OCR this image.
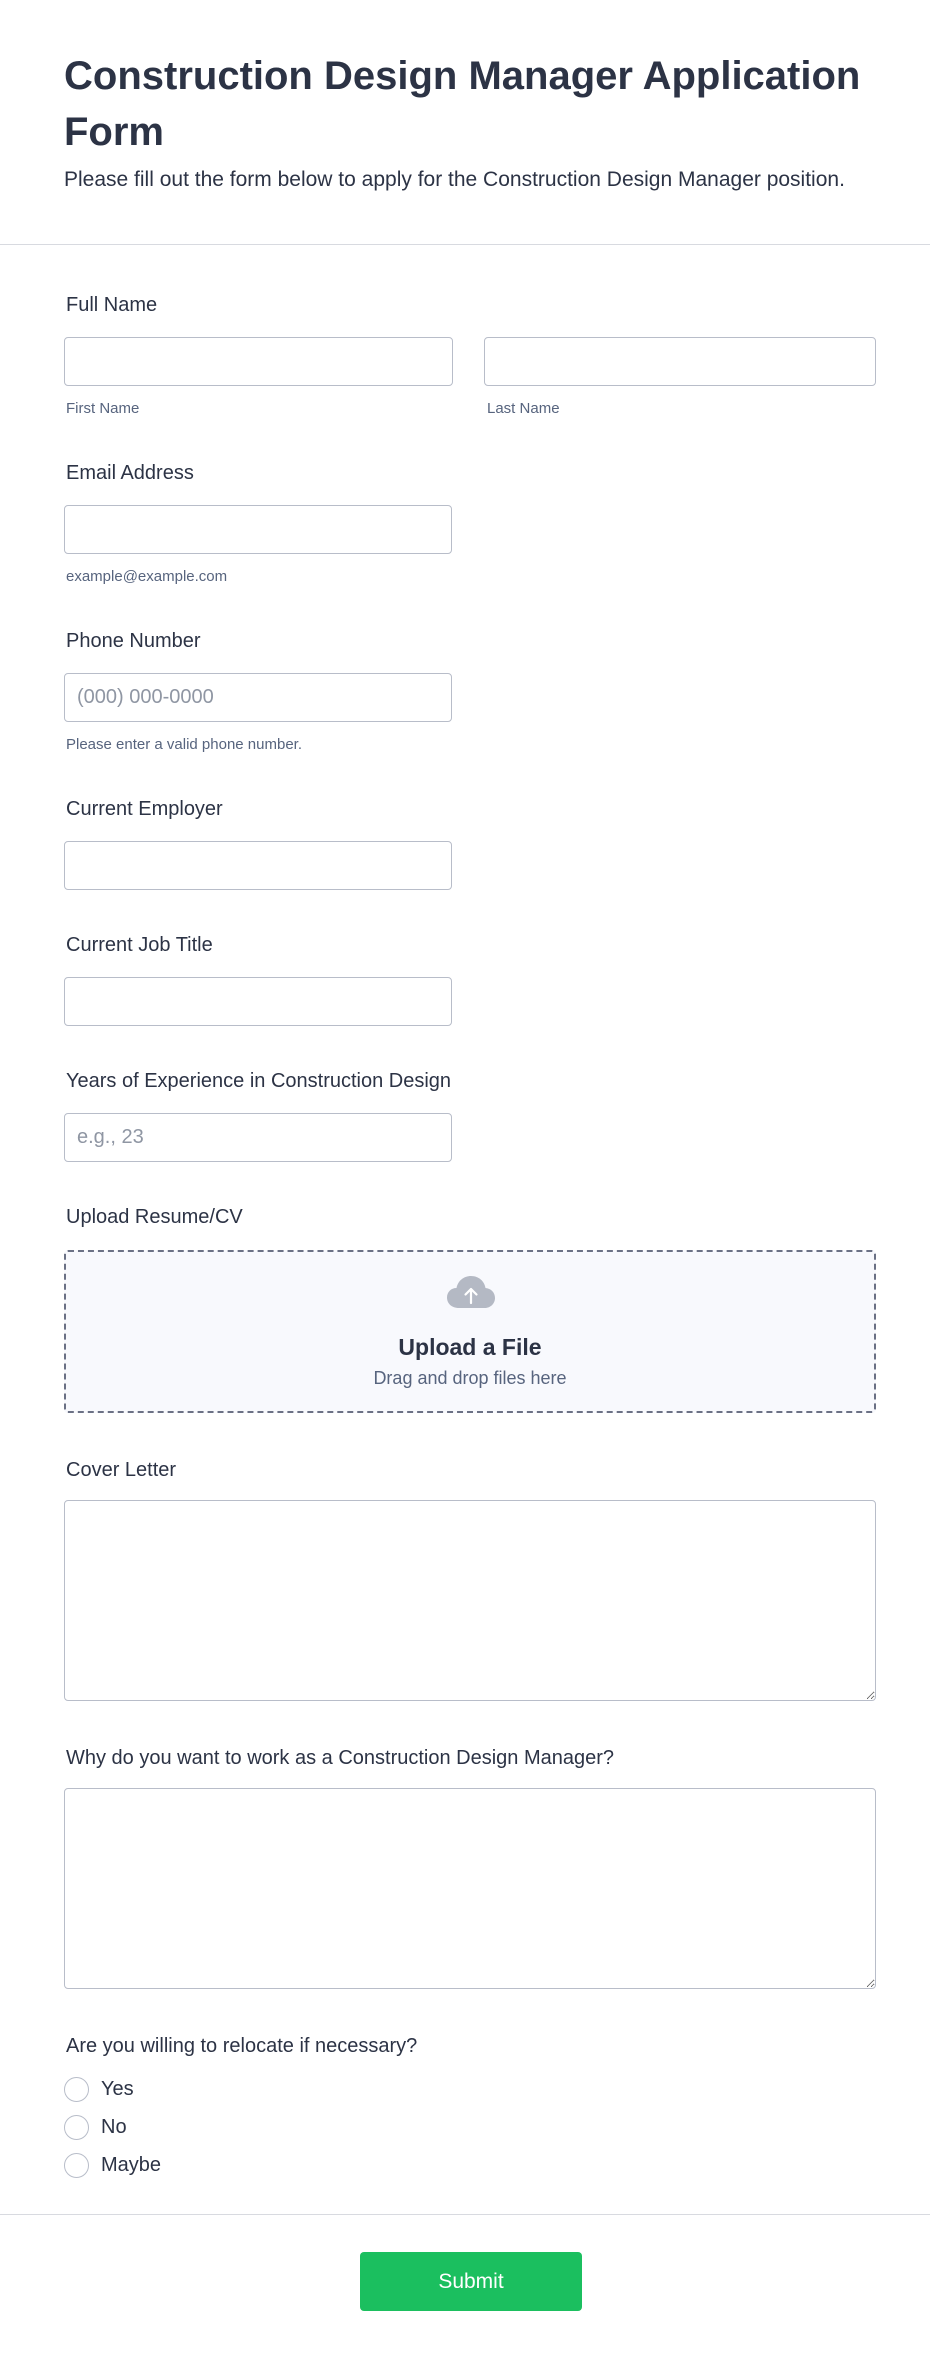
Construction Design Manager Application Form
Please fill out the form below to apply for the Construction Design Manager position.
Full Name
First Name	Last Name
Email Address
example@example.com
Phone Number
(000) 000-0000
Please enter a valid phone number.
Current Employer
Current Job Title
Years of Experience in Construction Design
e.g., 23
Upload Resume/CV
Upload a File
Drag and drop files here
Cover Letter
Why do you want to work as a Construction Design Manager?
Are you willing to relocate if necessary?
Yes
No
Maybe
Submit
